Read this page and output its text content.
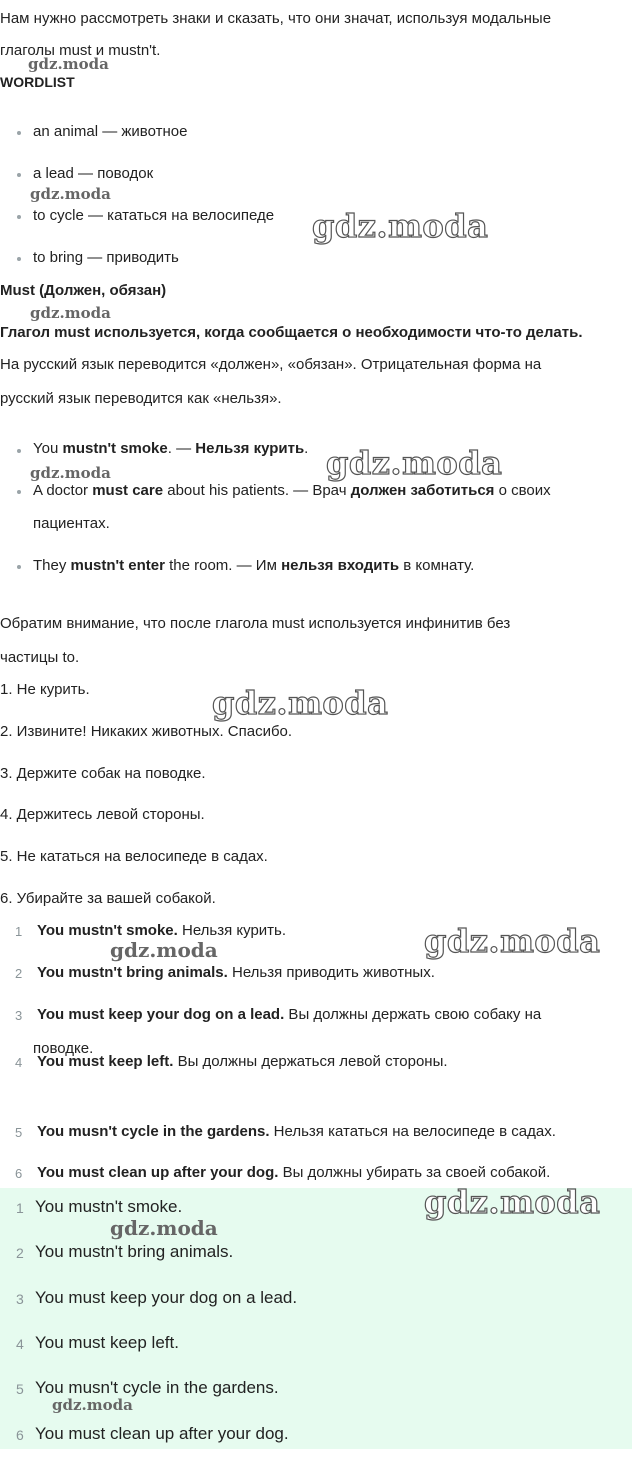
Нам нужно рассмотреть знаки и сказать, что они значат, используя модальные
глаголы must и mustn't.
WORDLIST
an animal — животное
a lead — поводок
to cycle — кататься на велосипеде
to bring — приводить
Must (Должен, обязан)
Глагол must используется, когда сообщается о необходимости что-то делать.
На русский язык переводится «должен», «обязан». Отрицательная форма на
русский язык переводится как «нельзя».
You mustn't smoke. — Нельзя курить.
A doctor must care about his patients. — Врач должен заботиться о своих
пациентах.
They mustn't enter the room. — Им нельзя входить в комнату.
Обратим внимание, что после глагола must используется инфинитив без
частицы to.
1. Не курить.
2. Извините! Никаких животных. Спасибо.
3. Держите собак на поводке.
4. Держитесь левой стороны.
5. Не кататься на велосипеде в садах.
6. Убирайте за вашей собакой.
1 You mustn't smoke. Нельзя курить.
2 You mustn't bring animals. Нельзя приводить животных.
3 You must keep your dog on a lead. Вы должны держать свою собаку на
поводке.
4 You must keep left. Вы должны держаться левой стороны.
5 You musn't cycle in the gardens. Нельзя кататься на велосипеде в садах.
6 You must clean up after your dog. Вы должны убирать за своей собакой.
1 You mustn't smoke.
2 You mustn't bring animals.
3 You must keep your dog on a lead.
4 You must keep left.
5 You musn't cycle in the gardens.
6 You must clean up after your dog.
gdz.moda
gdz.moda
gdz.moda
gdz.moda
gdz.moda
gdz.moda
gdz.moda
gdz.moda
gdz.moda
gdz.moda
gdz.moda
gdz.moda
